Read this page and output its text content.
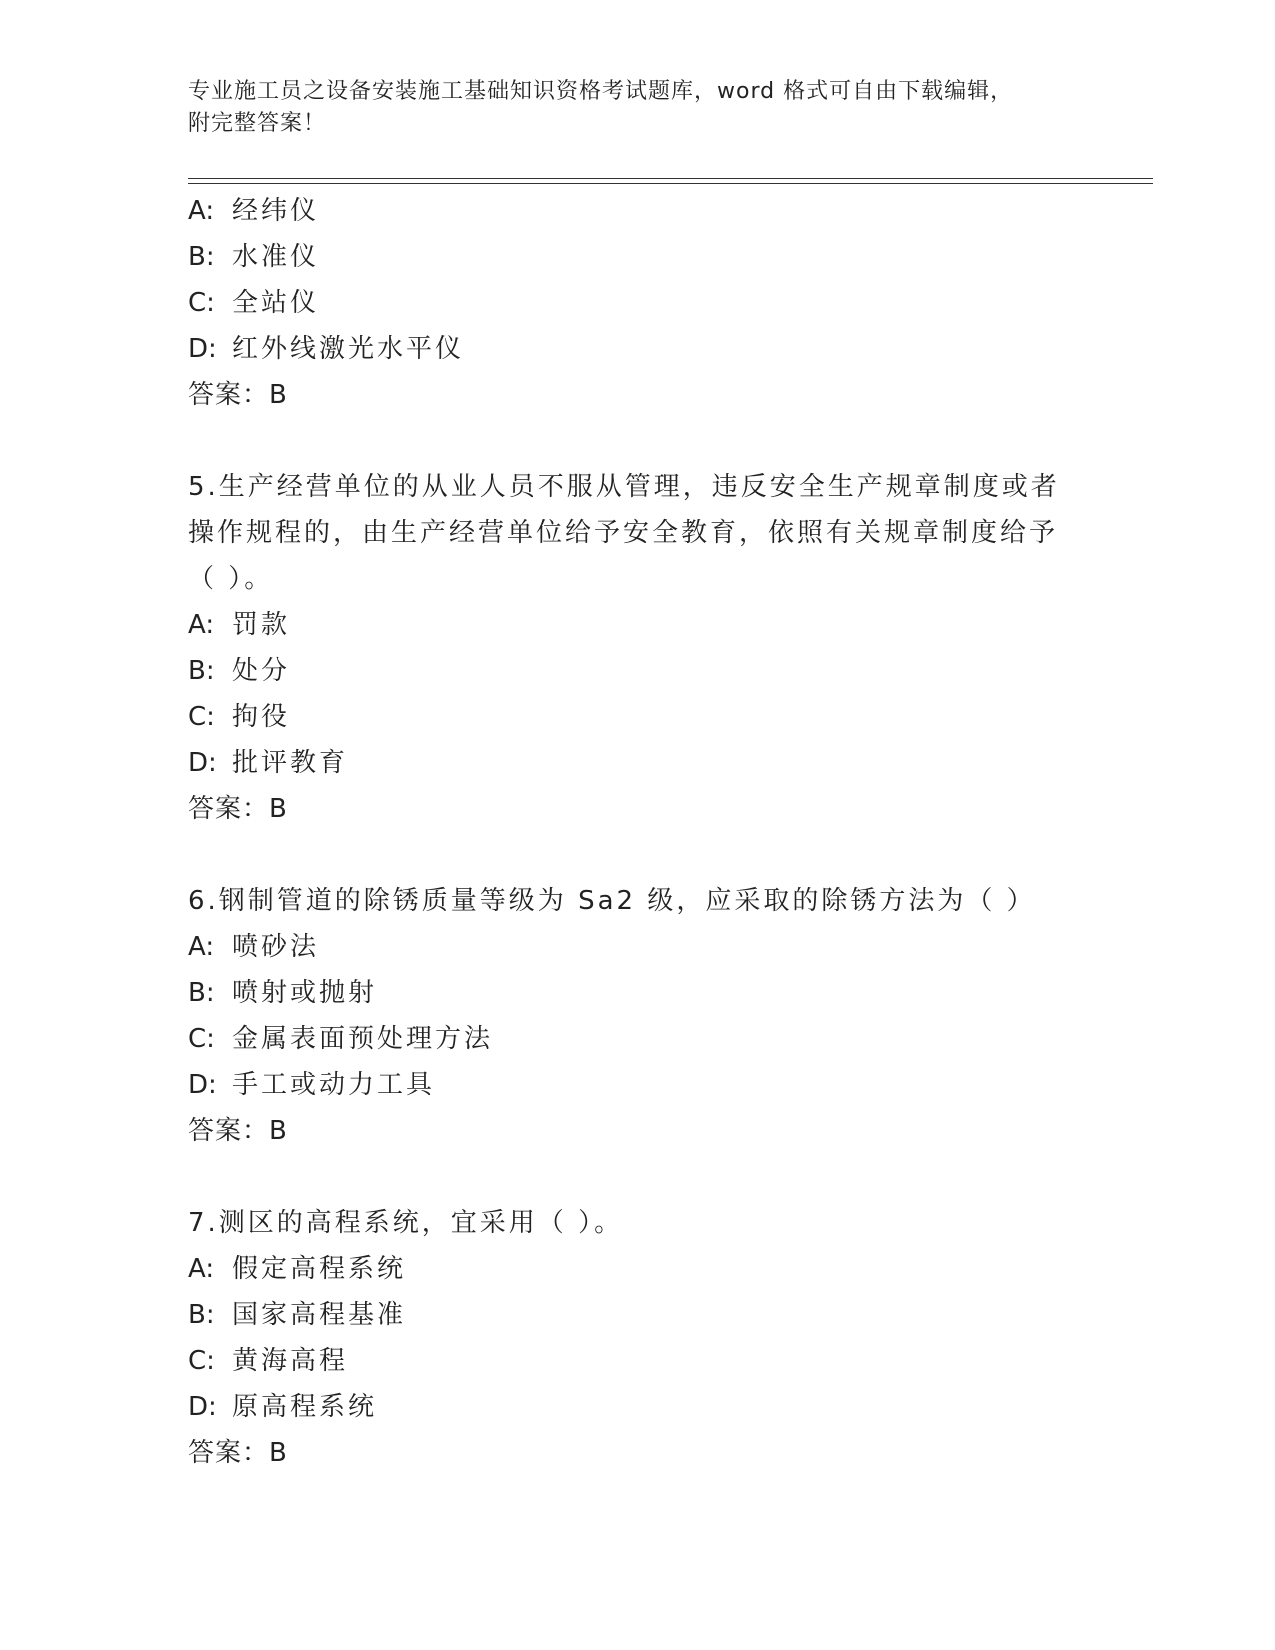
专业施工员之设备安装施工基础知识资格考试题库，word 格式可自由下载编辑，
附完整答案！
A: 经纬仪
B: 水准仪
C: 全站仪
D: 红外线激光水平仪
答案：B
5.生产经营单位的从业人员不服从管理，违反安全生产规章制度或者
操作规程的，由生产经营单位给予安全教育，依照有关规章制度给予
（ ）。
A: 罚款
B: 处分
C: 拘役
D: 批评教育
答案：B
6.钢制管道的除锈质量等级为 Sa2 级，应采取的除锈方法为（ ）
A: 喷砂法
B: 喷射或抛射
C: 金属表面预处理方法
D: 手工或动力工具
答案：B
7.测区的高程系统，宜采用（ ）。
A: 假定高程系统
B: 国家高程基准
C: 黄海高程
D: 原高程系统
答案：B
